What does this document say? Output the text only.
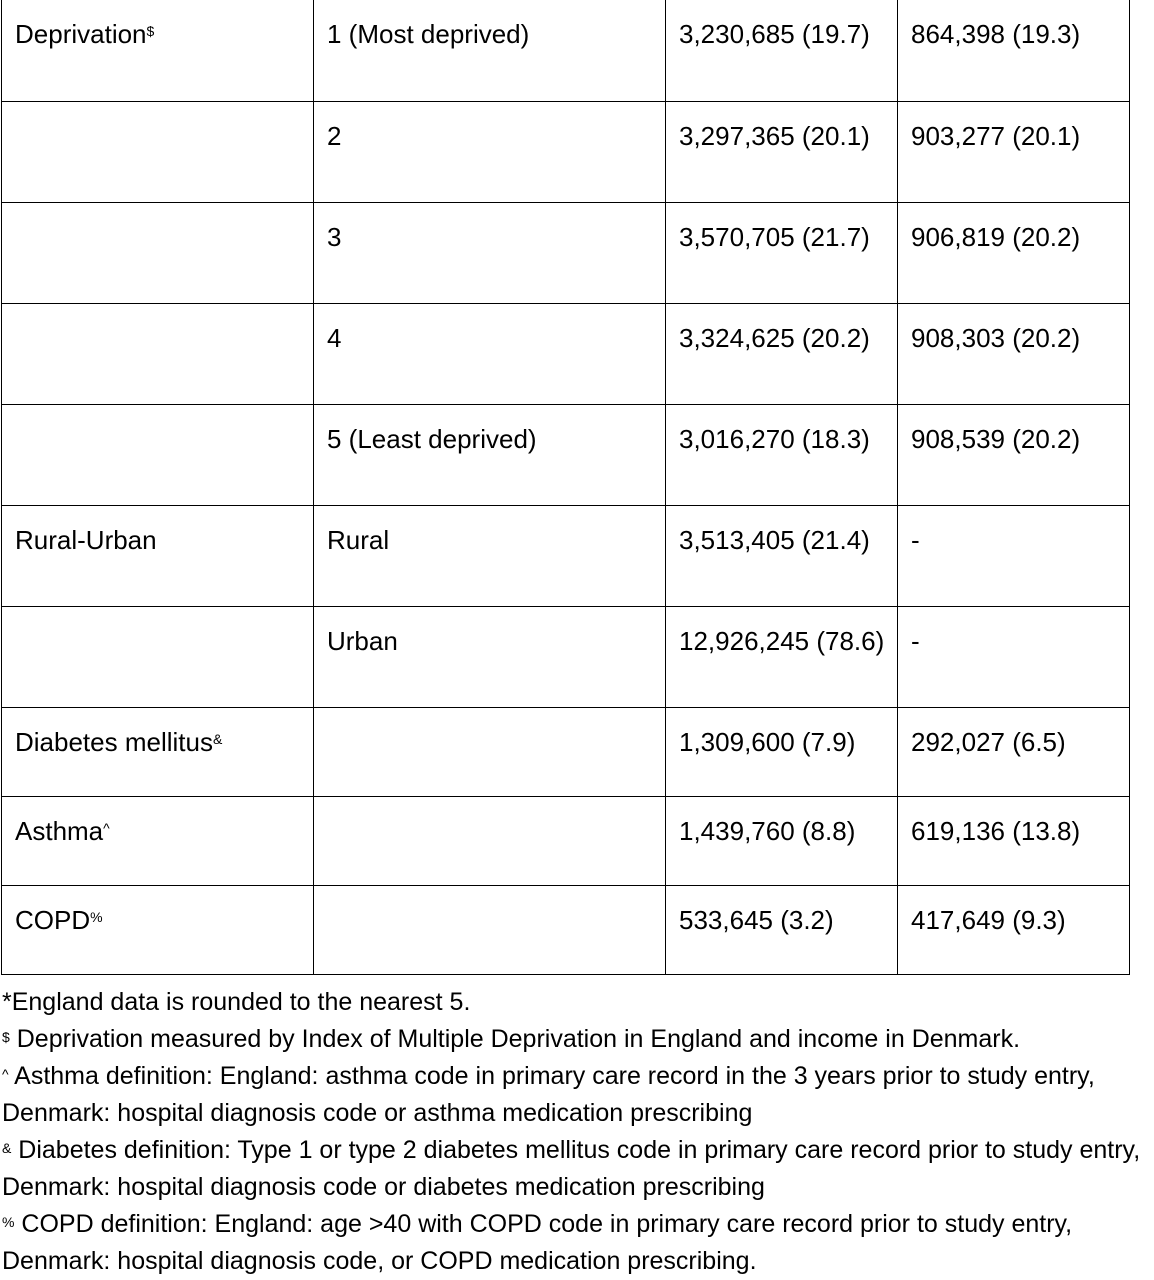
Deprivation$	1 (Most deprived)	3,230,685 (19.7)	864,398 (19.3)
	2	3,297,365 (20.1)	903,277 (20.1)
	3	3,570,705 (21.7)	906,819 (20.2)
	4	3,324,625 (20.2)	908,303 (20.2)
	5 (Least deprived)	3,016,270 (18.3)	908,539 (20.2)
Rural-Urban	Rural	3,513,405 (21.4)	-
	Urban	12,926,245 (78.6)	-
Diabetes mellitus&		1,309,600 (7.9)	292,027 (6.5)
Asthma^		1,439,760 (8.8)	619,136 (13.8)
COPD%		533,645 (3.2)	417,649 (9.3)

*England data is rounded to the nearest 5.

$ Deprivation measured by Index of Multiple Deprivation in England and income in Denmark.

^ Asthma definition: England: asthma code in primary care record in the 3 years prior to study entry, Denmark: hospital diagnosis code or asthma medication prescribing

& Diabetes definition: Type 1 or type 2 diabetes mellitus code in primary care record prior to study entry, Denmark: hospital diagnosis code or diabetes medication prescribing

% COPD definition: England: age >40 with COPD code in primary care record prior to study entry, Denmark: hospital diagnosis code, or COPD medication prescribing.
